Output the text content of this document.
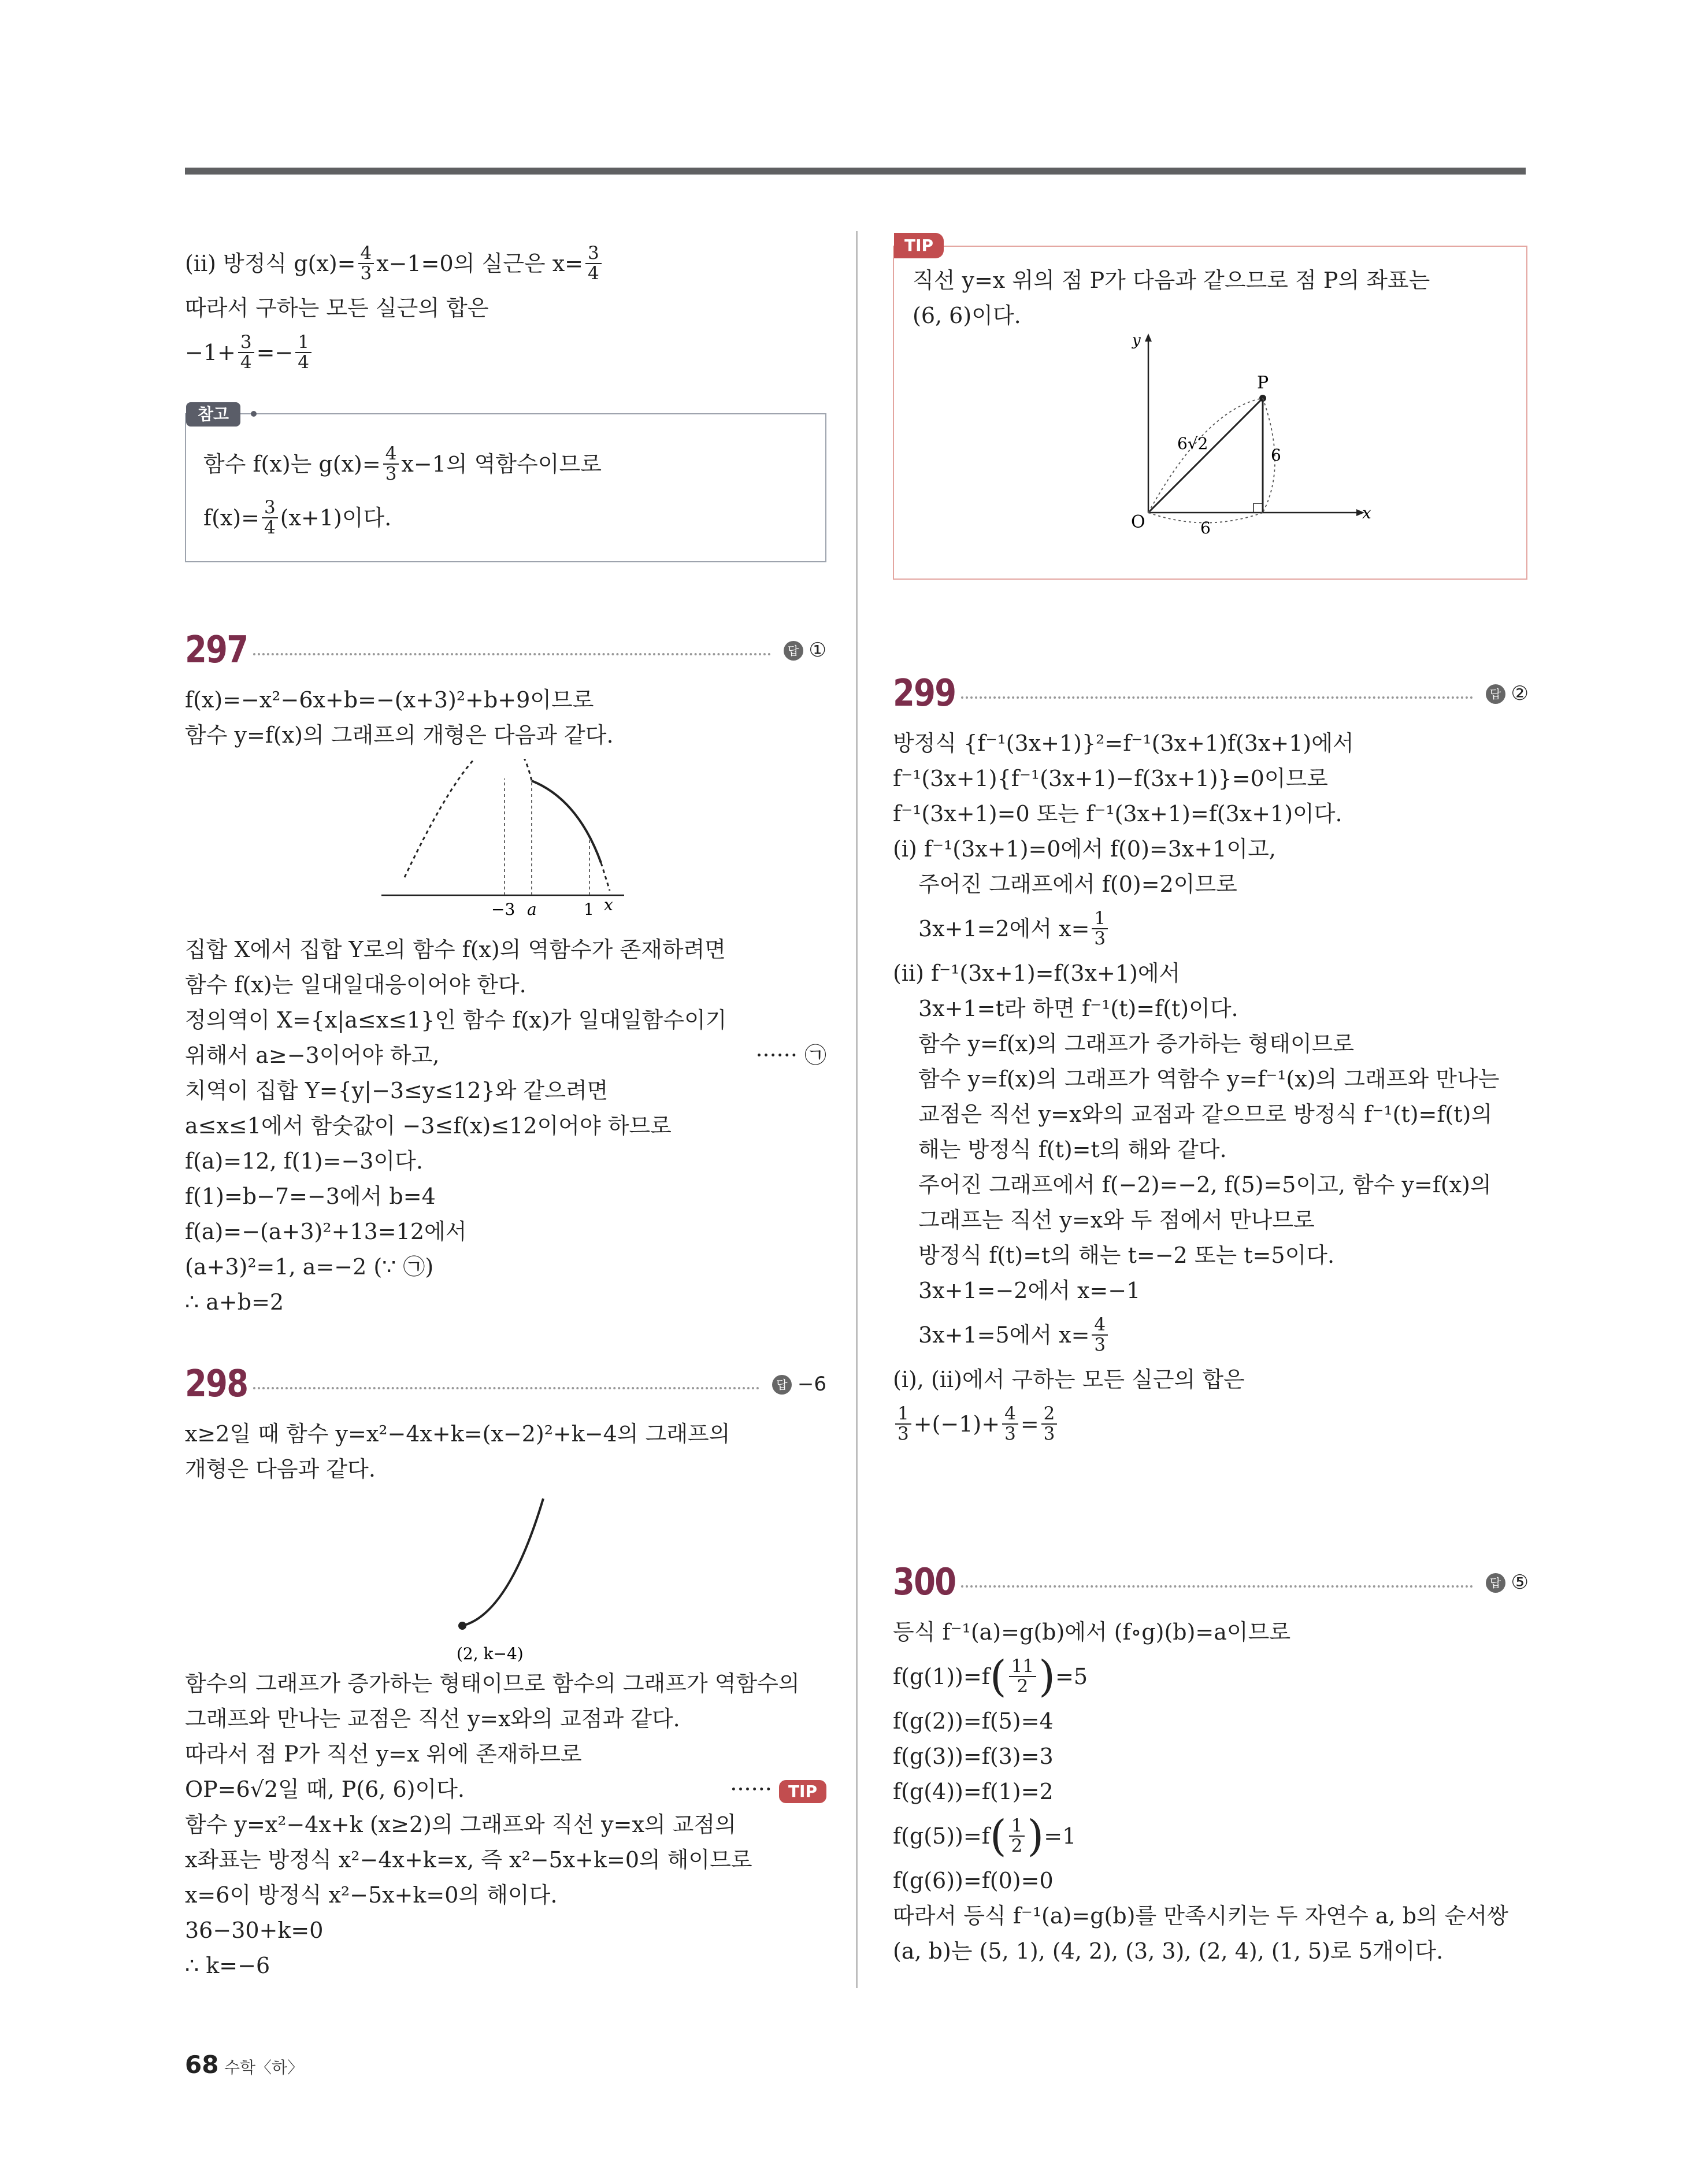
(ⅱ) 방정식 $g(x)= \frac{4}{3} x-1=0$의 실근은 $x= \frac{3}{4}$
따라서 구하는 모든 실근의 합은
$-1+ \frac{3}{4} =- \frac{1}{4}$
참고
함수 f(x)는 $g(x)= \frac{4}{3} x-1$의 역함수이므로
$f(x)= \frac{3}{4} (x+1)$이다.
297	답 ①
f(x)=−x²−6x+b=−(x+3)²+b+9이므로
함수 y=f(x)의 그래프의 개형은 다음과 같다.
−3 a	1 x
집합 X에서 집합 Y로의 함수 f(x)의 역함수가 존재하려면
함수 f(x)는 일대일대응이어야 한다.
정의역이 X={x|a≤x≤1}인 함수 f(x)가 일대일함수이기
위해서 a≥−3이어야 하고,	······ ㉠
치역이 집합 Y={y|−3≤y≤12}와 같으려면
a≤x≤1에서 함숫값이 −3≤f(x)≤12이어야 하므로
f(a)=12, f(1)=−3이다.
f(1)=b−7=−3에서 b=4
f(a)=−(a+3)²+13=12에서
(a+3)²=1, a=−2 (∵ ㉠)
∴ a+b=2
298	답 −6
x≥2일 때 함수 y=x²−4x+k=(x−2)²+k−4의 그래프의
개형은 다음과 같다.
(2, k−4)
함수의 그래프가 증가하는 형태이므로 함수의 그래프가 역함수의
그래프와 만나는 교점은 직선 y=x와의 교점과 같다.
따라서 점 P가 직선 y=x 위에 존재하므로
OP=6√2일 때, P(6, 6)이다.	······ TIP
함수 y=x²−4x+k (x≥2)의 그래프와 직선 y=x의 교점의
x좌표는 방정식 x²−4x+k=x, 즉 x²−5x+k=0의 해이므로
x=6이 방정식 x²−5x+k=0의 해이다.
36−30+k=0
∴ k=−6
TIP
직선 y=x 위의 점 P가 다음과 같으므로 점 P의 좌표는
(6, 6)이다.
y
x
O
P
6√2
6
6
299	답 ②
방정식 {f⁻¹(3x+1)}²=f⁻¹(3x+1)f(3x+1)에서
f⁻¹(3x+1){f⁻¹(3x+1)−f(3x+1)}=0이므로
f⁻¹(3x+1)=0 또는 f⁻¹(3x+1)=f(3x+1)이다.
(ⅰ) f⁻¹(3x+1)=0에서 f(0)=3x+1이고,
주어진 그래프에서 f(0)=2이므로
3x+1=2에서 $x= \frac{1}{3}$
(ⅱ) f⁻¹(3x+1)=f(3x+1)에서
3x+1=t라 하면 f⁻¹(t)=f(t)이다.
함수 y=f(x)의 그래프가 증가하는 형태이므로
함수 y=f(x)의 그래프가 역함수 y=f⁻¹(x)의 그래프와 만나는
교점은 직선 y=x와의 교점과 같으므로 방정식 f⁻¹(t)=f(t)의
해는 방정식 f(t)=t의 해와 같다.
주어진 그래프에서 f(−2)=−2, f(5)=5이고, 함수 y=f(x)의
그래프는 직선 y=x와 두 점에서 만나므로
방정식 f(t)=t의 해는 t=−2 또는 t=5이다.
3x+1=−2에서 x=−1
3x+1=5에서 $x= \frac{4}{3}$
(ⅰ), (ⅱ)에서 구하는 모든 실근의 합은
$\frac{1}{3} +(-1)+ \frac{4}{3} = \frac{2}{3}$
300	답 ⑤
등식 f⁻¹(a)=g(b)에서 (f∘g)(b)=a이므로
f(g(1))=f ( $\frac{11}{2}$ ) =5
f(g(2))=f(5)=4
f(g(3))=f(3)=3
f(g(4))=f(1)=2
f(g(5))=f ( $\frac{1}{2}$ ) =1
f(g(6))=f(0)=0
따라서 등식 f⁻¹(a)=g(b)를 만족시키는 두 자연수 a, b의 순서쌍
(a, b)는 (5, 1), (4, 2), (3, 3), (2, 4), (1, 5)로 5개이다.
68 수학〈하〉
